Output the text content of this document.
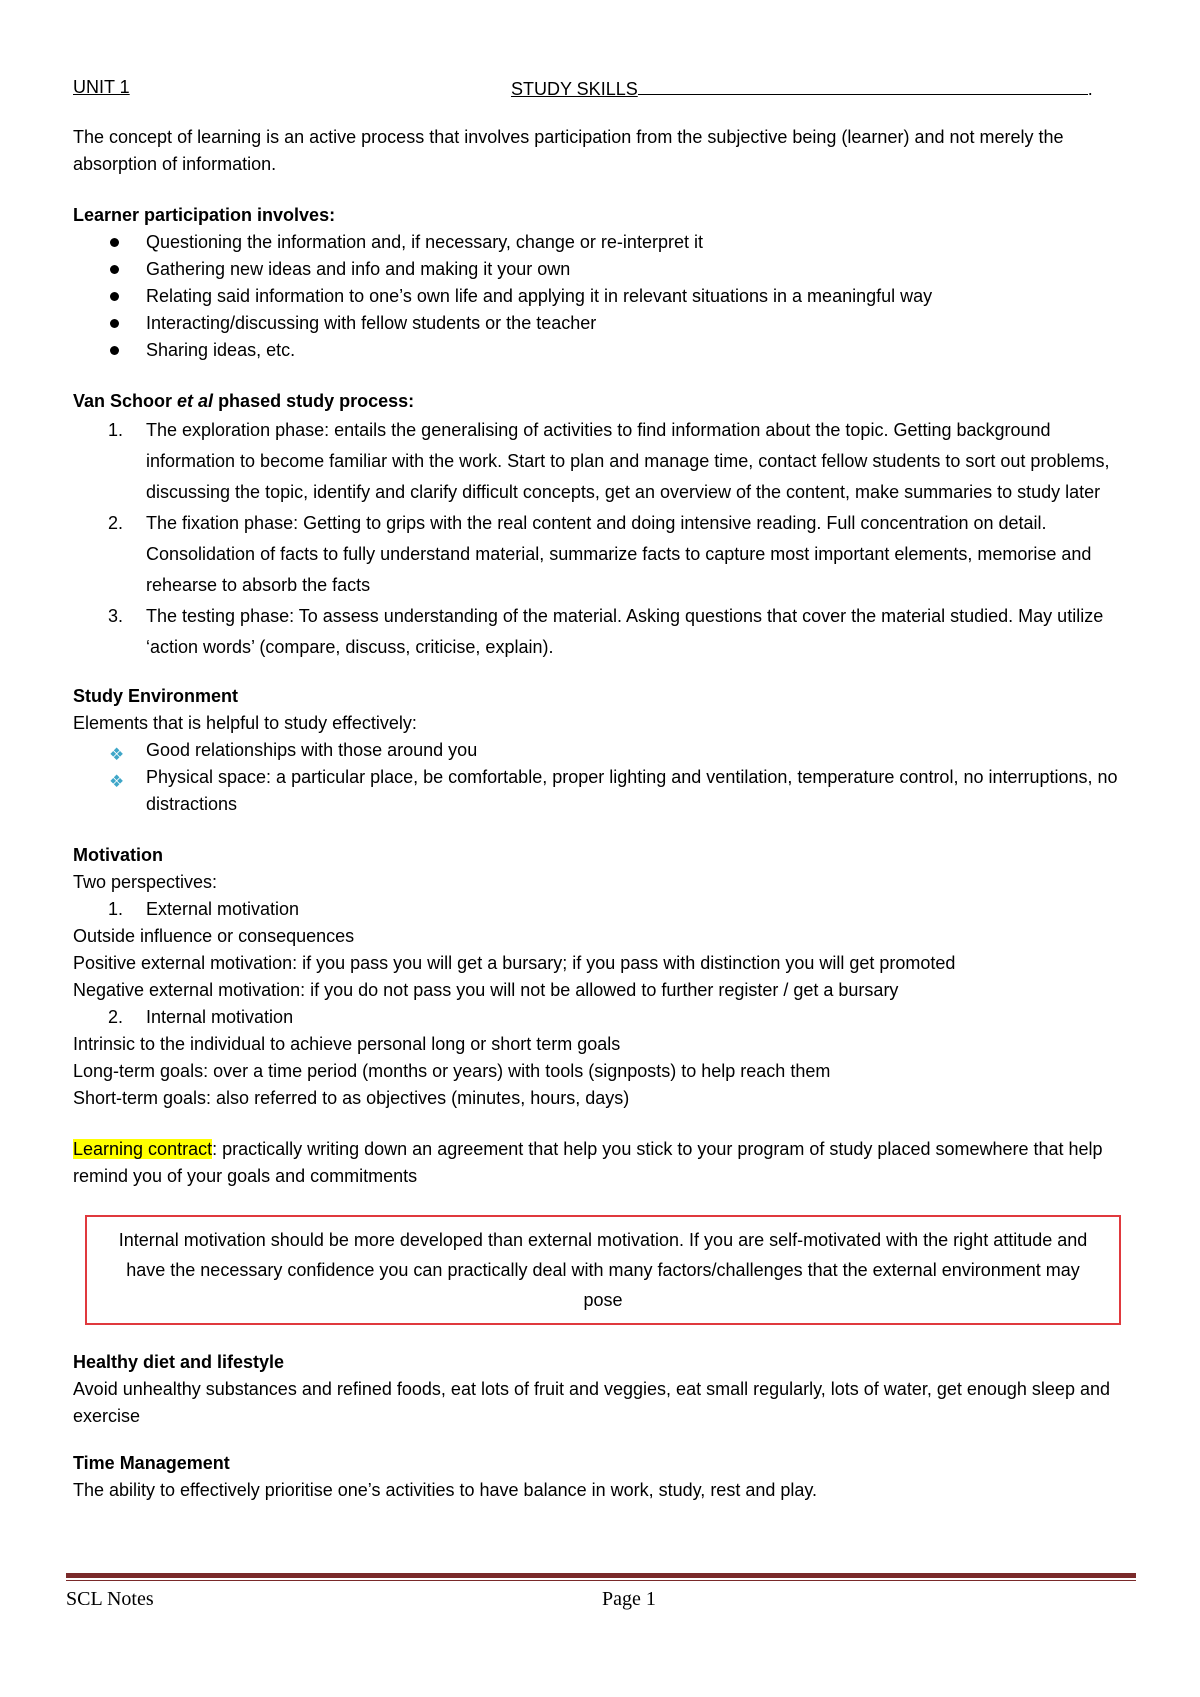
UNIT 1	STUDY SKILLS	.

The concept of learning is an active process that involves participation from the subjective being (learner) and not merely the absorption of information.

Learner participation involves:

Questioning the information and, if necessary, change or re-interpret it
Gathering new ideas and info and making it your own
Relating said information to one’s own life and applying it in relevant situations in a meaningful way
Interacting/discussing with fellow students or the teacher
Sharing ideas, etc.

Van Schoor et al phased study process:

1. The exploration phase: entails the generalising of activities to find information about the topic. Getting background information to become familiar with the work. Start to plan and manage time, contact fellow students to sort out problems, discussing the topic, identify and clarify difficult concepts, get an overview of the content, make summaries to study later
2. The fixation phase: Getting to grips with the real content and doing intensive reading. Full concentration on detail. Consolidation of facts to fully understand material, summarize facts to capture most important elements, memorise and rehearse to absorb the facts
3. The testing phase: To assess understanding of the material. Asking questions that cover the material studied. May utilize ‘action words’ (compare, discuss, criticise, explain).

Study Environment

Elements that is helpful to study effectively:

❖ Good relationships with those around you
❖ Physical space: a particular place, be comfortable, proper lighting and ventilation, temperature control, no interruptions, no distractions

Motivation

Two perspectives:

1. External motivation

Outside influence or consequences

Positive external motivation: if you pass you will get a bursary; if you pass with distinction you will get promoted

Negative external motivation: if you do not pass you will not be allowed to further register / get a bursary

2. Internal motivation

Intrinsic to the individual to achieve personal long or short term goals

Long-term goals: over a time period (months or years) with tools (signposts) to help reach them

Short-term goals: also referred to as objectives (minutes, hours, days)

Learning contract: practically writing down an agreement that help you stick to your program of study placed somewhere that help remind you of your goals and commitments

Internal motivation should be more developed than external motivation. If you are self-motivated with the right attitude and have the necessary confidence you can practically deal with many factors/challenges that the external environment may pose

Healthy diet and lifestyle

Avoid unhealthy substances and refined foods, eat lots of fruit and veggies, eat small regularly, lots of water, get enough sleep and exercise

Time Management

The ability to effectively prioritise one’s activities to have balance in work, study, rest and play.

SCL Notes	Page 1
